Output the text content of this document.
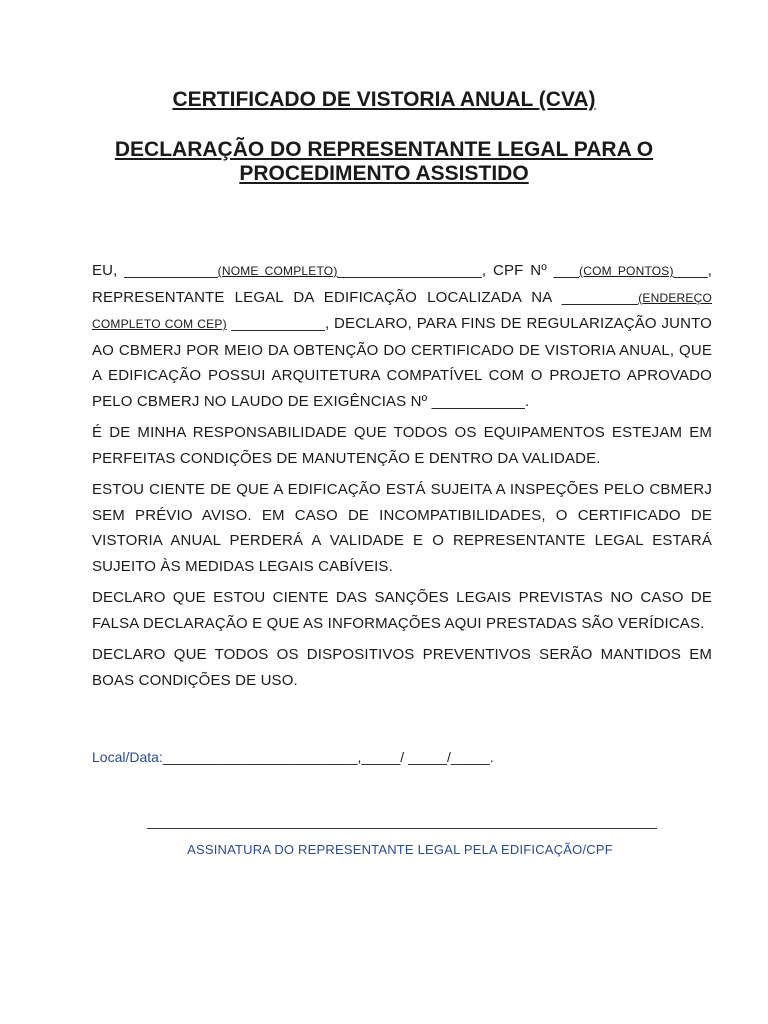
CERTIFICADO DE VISTORIA ANUAL (CVA)
DECLARAÇÃO DO REPRESENTANTE LEGAL PARA O
PROCEDIMENTO ASSISTIDO

EU, ___________(NOME COMPLETO)_________________, CPF Nº ___(COM PONTOS)____, REPRESENTANTE LEGAL DA EDIFICAÇÃO LOCALIZADA NA _________(ENDEREÇO COMPLETO COM CEP) ___________, DECLARO, PARA FINS DE REGULARIZAÇÃO JUNTO AO CBMERJ POR MEIO DA OBTENÇÃO DO CERTIFICADO DE VISTORIA ANUAL, QUE A EDIFICAÇÃO POSSUI ARQUITETURA COMPATÍVEL COM O PROJETO APROVADO PELO CBMERJ NO LAUDO DE EXIGÊNCIAS Nº ___________.

É DE MINHA RESPONSABILIDADE QUE TODOS OS EQUIPAMENTOS ESTEJAM EM PERFEITAS CONDIÇÕES DE MANUTENÇÃO E DENTRO DA VALIDADE.

ESTOU CIENTE DE QUE A EDIFICAÇÃO ESTÁ SUJEITA A INSPEÇÕES PELO CBMERJ SEM PRÉVIO AVISO. EM CASO DE INCOMPATIBILIDADES, O CERTIFICADO DE VISTORIA ANUAL PERDERÁ A VALIDADE E O REPRESENTANTE LEGAL ESTARÁ SUJEITO ÀS MEDIDAS LEGAIS CABÍVEIS.

DECLARO QUE ESTOU CIENTE DAS SANÇÕES LEGAIS PREVISTAS NO CASO DE FALSA DECLARAÇÃO E QUE AS INFORMAÇÕES AQUI PRESTADAS SÃO VERÍDICAS.

DECLARO QUE TODOS OS DISPOSITIVOS PREVENTIVOS SERÃO MANTIDOS EM BOAS CONDIÇÕES DE USO.

Local/Data:_________________________,_____/ _____/_____.
ASSINATURA DO REPRESENTANTE LEGAL PELA EDIFICAÇÃO/CPF
